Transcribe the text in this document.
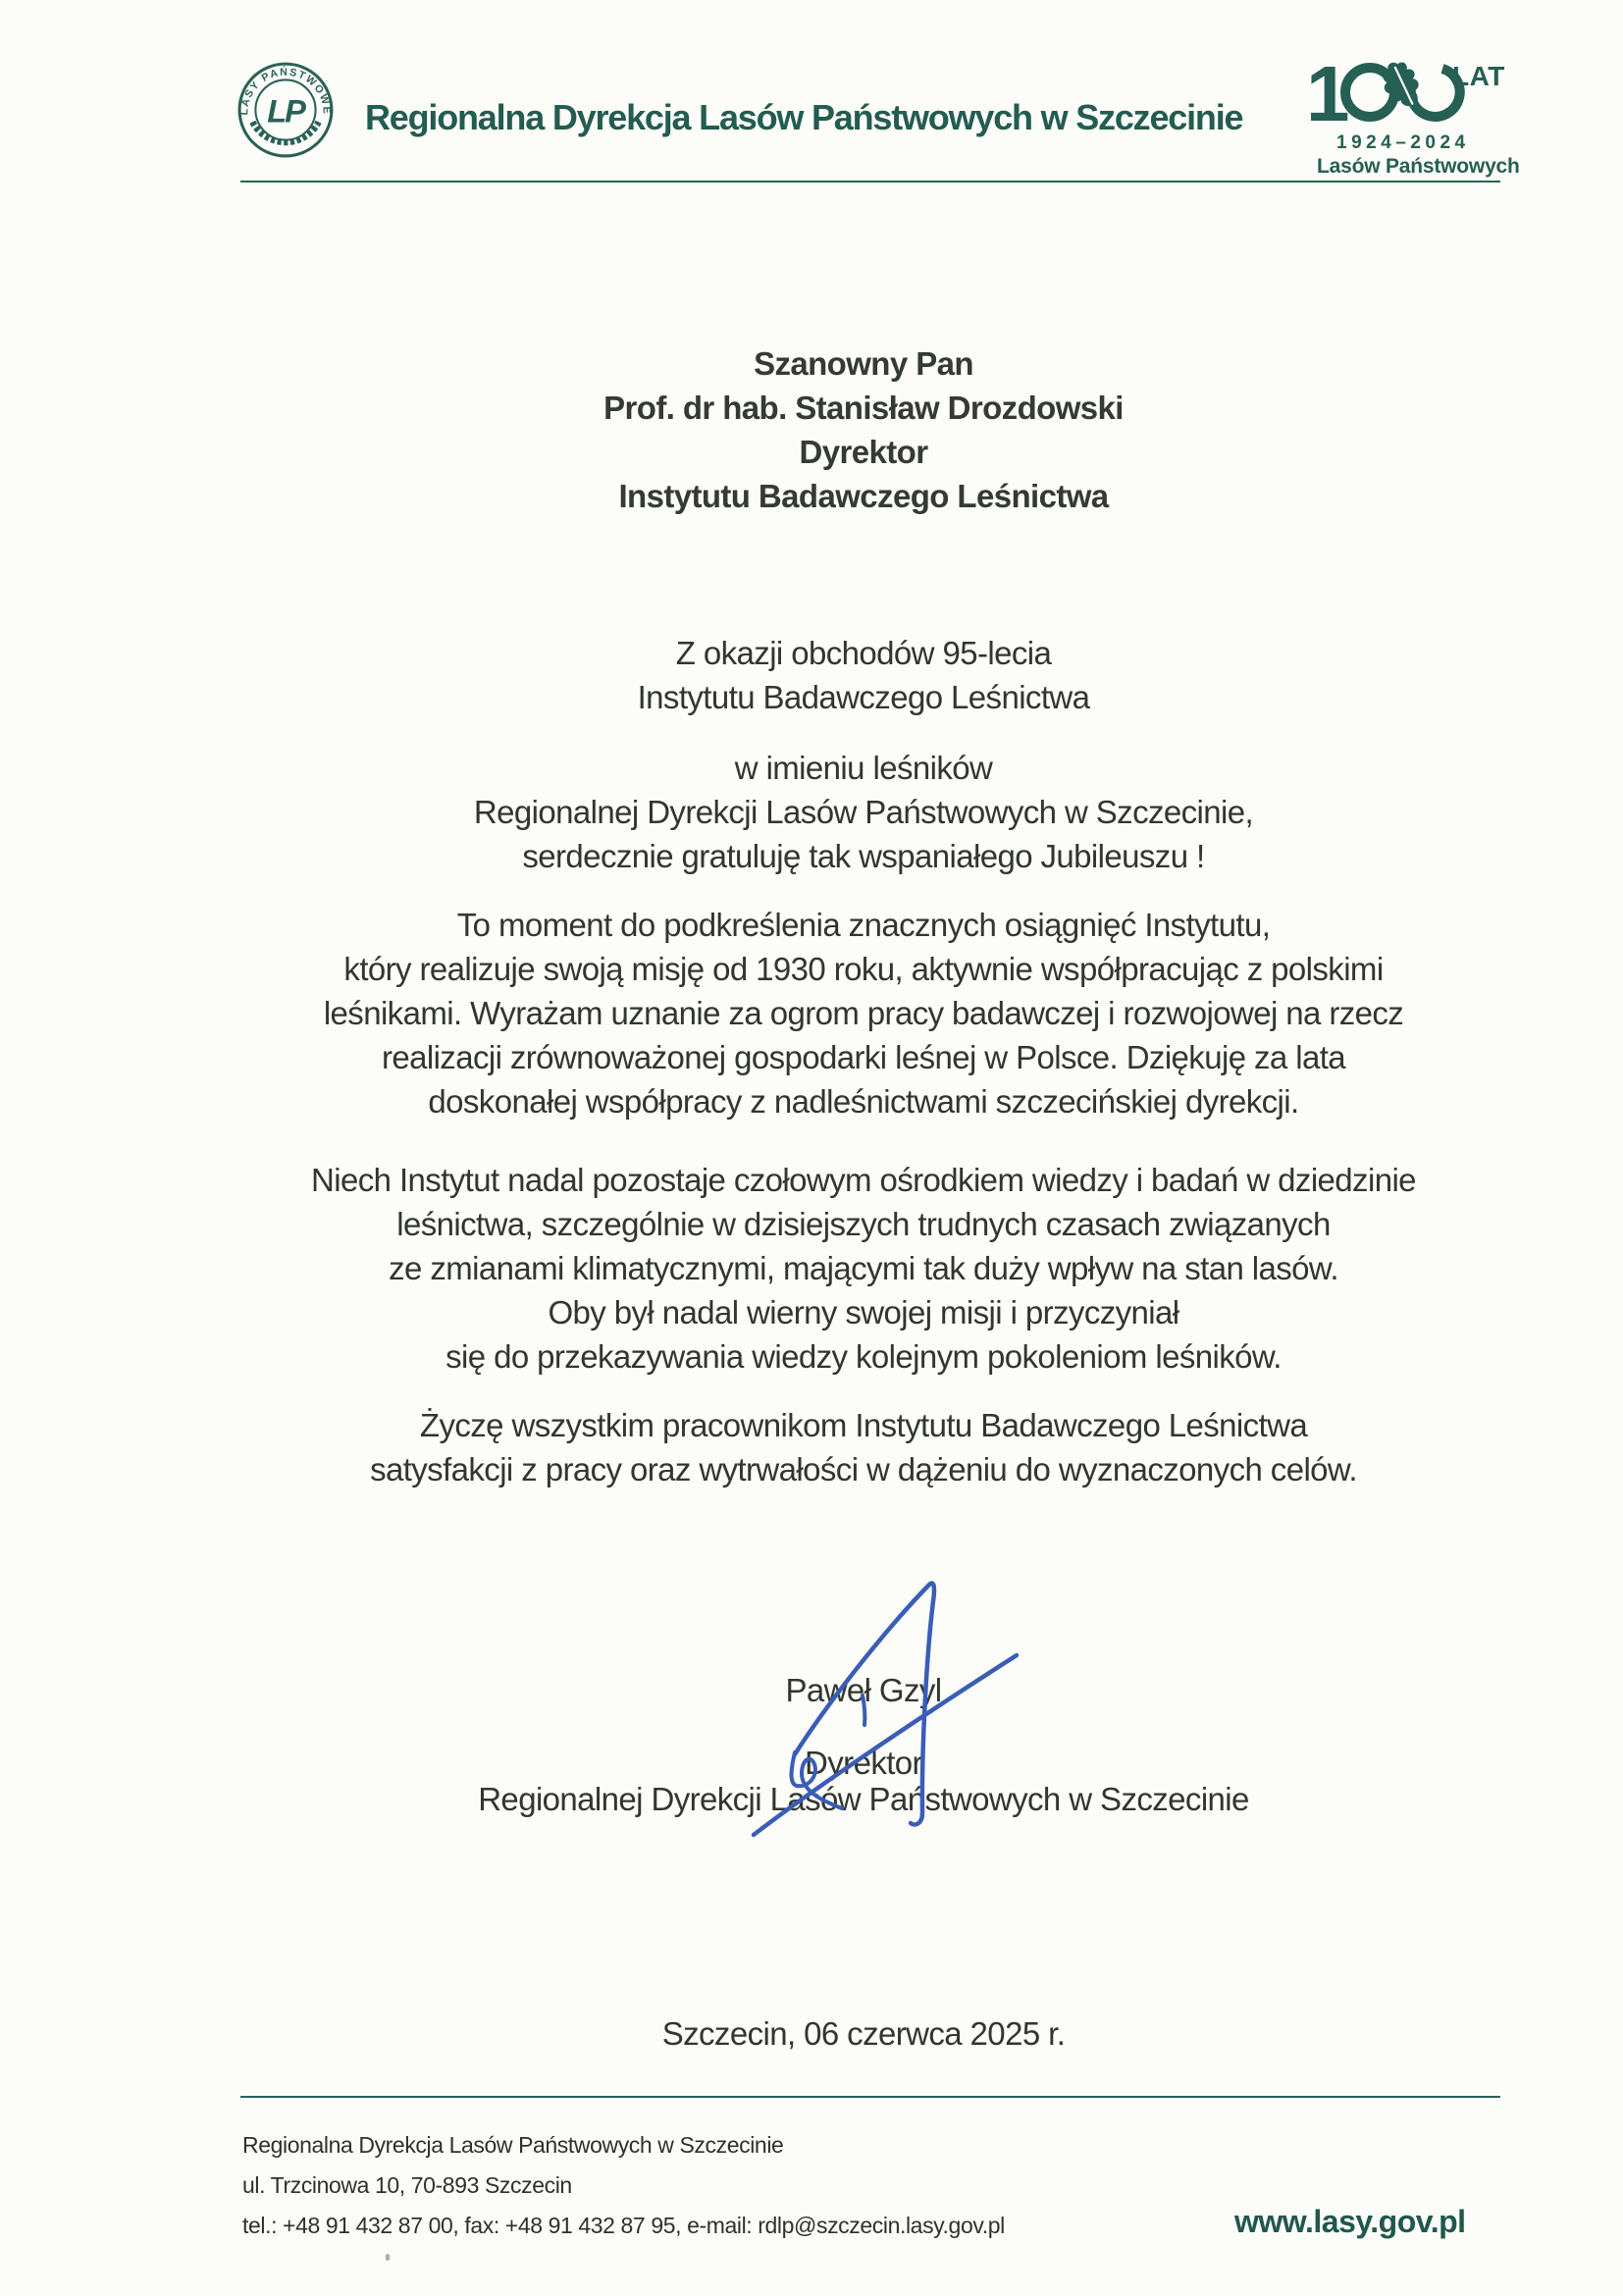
LASY PAŃSTWOWE
LP Regionalna Dyrekcja Lasów Państwowych w Szczecinie 1	LAT
1924–2024
Lasów Państwowych
Szanowny Pan
Prof. dr hab. Stanisław Drozdowski
Dyrektor
Instytutu Badawczego Leśnictwa
Z okazji obchodów 95-lecia
Instytutu Badawczego Leśnictwa
w imieniu leśników
Regionalnej Dyrekcji Lasów Państwowych w Szczecinie,
serdecznie gratuluję tak wspaniałego Jubileuszu !
To moment do podkreślenia znacznych osiągnięć Instytutu,
który realizuje swoją misję od 1930 roku, aktywnie współpracując z polskimi
leśnikami. Wyrażam uznanie za ogrom pracy badawczej i rozwojowej na rzecz
realizacji zrównoważonej gospodarki leśnej w Polsce. Dziękuję za lata
doskonałej współpracy z nadleśnictwami szczecińskiej dyrekcji.
Niech Instytut nadal pozostaje czołowym ośrodkiem wiedzy i badań w dziedzinie
leśnictwa, szczególnie w dzisiejszych trudnych czasach związanych
ze zmianami klimatycznymi, mającymi tak duży wpływ na stan lasów.
Oby był nadal wierny swojej misji i przyczyniał
się do przekazywania wiedzy kolejnym pokoleniom leśników.
Życzę wszystkim pracownikom Instytutu Badawczego Leśnictwa
satysfakcji z pracy oraz wytrwałości w dążeniu do wyznaczonych celów.
Paweł Gzyl
Dyrektor
Regionalnej Dyrekcji Lasów Państwowych w Szczecinie
Szczecin, 06 czerwca 2025 r.
Regionalna Dyrekcja Lasów Państwowych w Szczecinie
ul. Trzcinowa 10, 70-893 Szczecin
tel.: +48 91 432 87 00, fax: +48 91 432 87 95, e-mail: rdlp@szczecin.lasy.gov.pl	www.lasy.gov.pl
